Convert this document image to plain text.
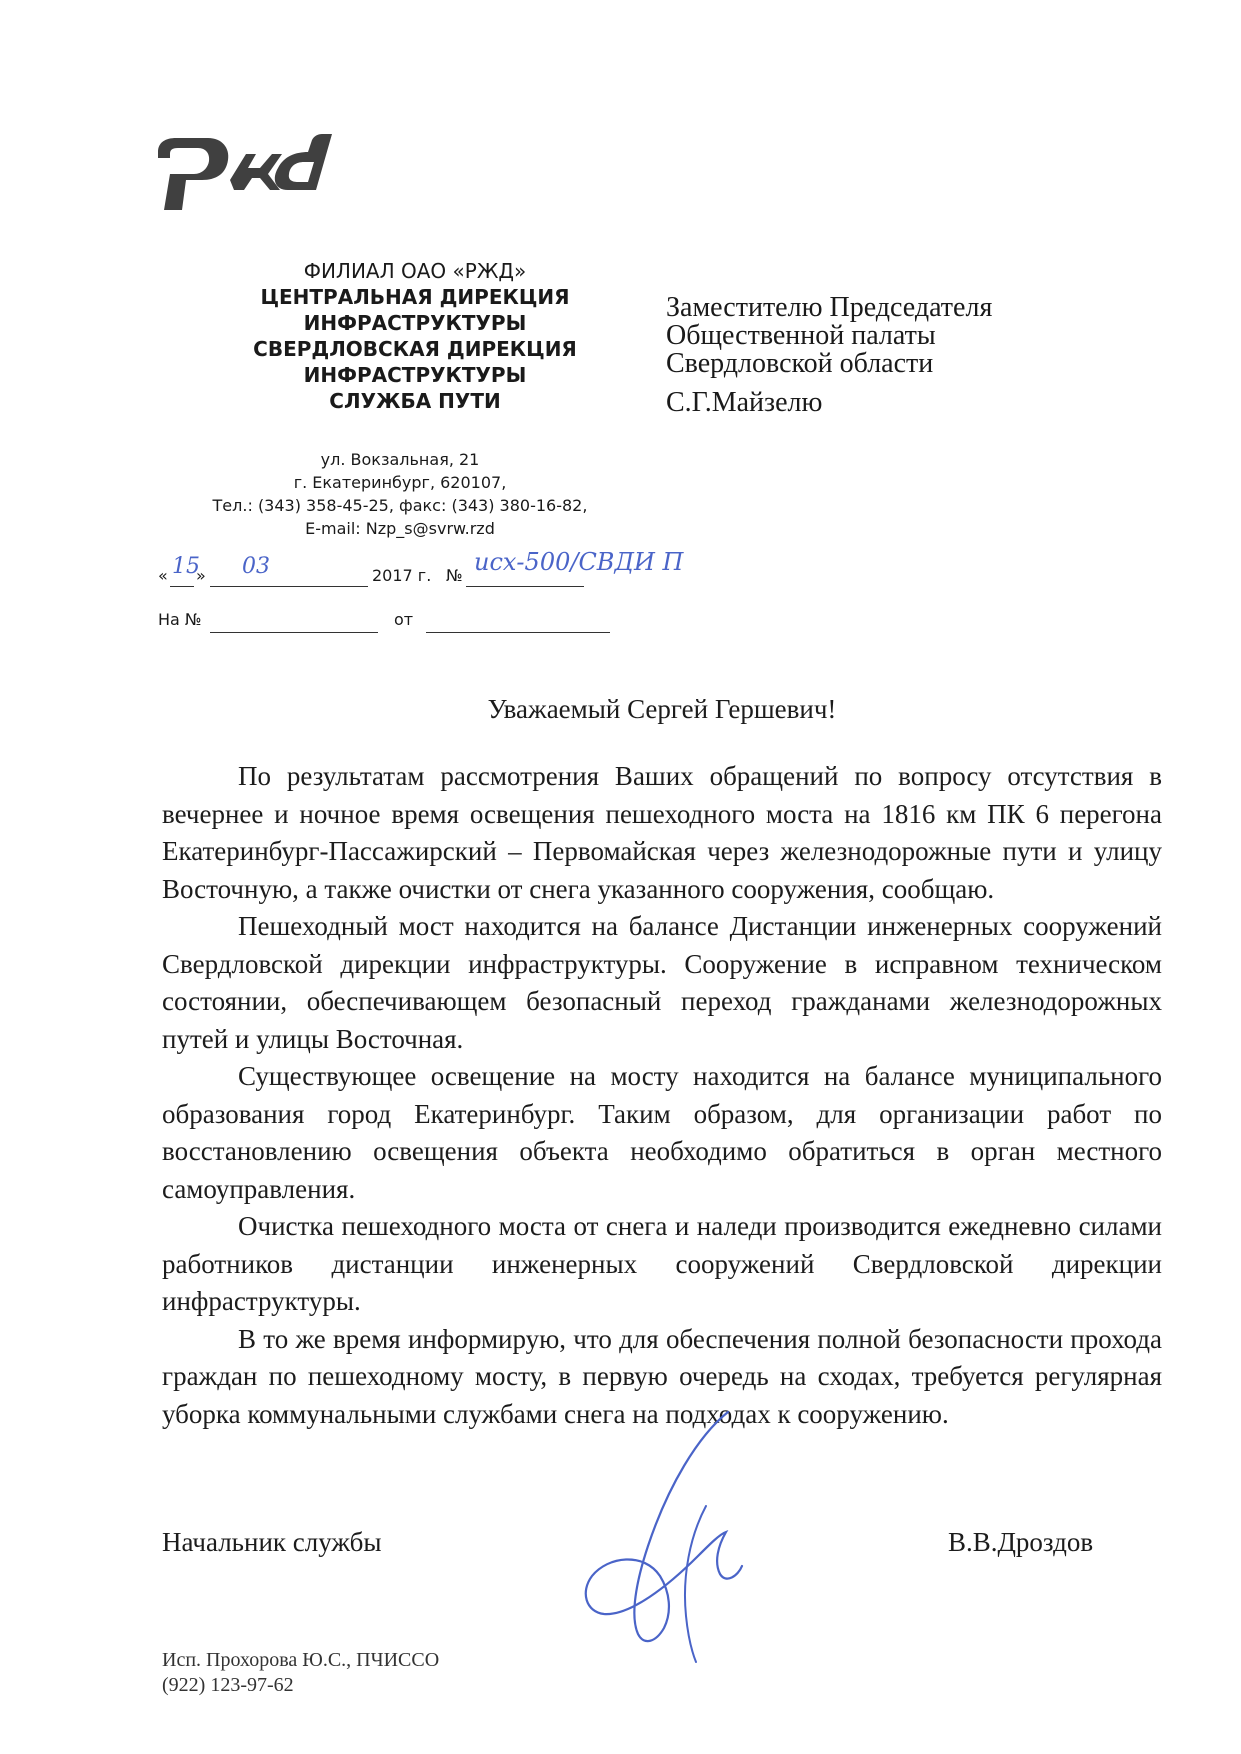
ФИЛИАЛ ОАО «РЖД»
ЦЕНТРАЛЬНАЯ ДИРЕКЦИЯ
ИНФРАСТРУКТУРЫ
СВЕРДЛОВСКАЯ ДИРЕКЦИЯ
ИНФРАСТРУКТУРЫ
СЛУЖБА ПУТИ
ул. Вокзальная, 21
г. Екатеринбург, 620107,
Тел.: (343) 358-45-25, факс: (343) 380-16-82,
E-mail: Nzp_s@svrw.rzd
Заместителю Председателя
Общественной палаты
Свердловской области
С.Г.Майзелю
« 15
» 03	2017 г. № исх-500/СВДИ П
На №	от

Уважаемый Сергей Гершевич!

По результатам рассмотрения Ваших обращений по вопросу отсутствия в вечернее и ночное время освещения пешеходного моста на 1816 км ПК 6 перегона Екатеринбург-Пассажирский – Первомайская через железнодорожные пути и улицу Восточную, а также очистки от снега указанного сооружения, сообщаю.

Пешеходный мост находится на балансе Дистанции инженерных сооружений Свердловской дирекции инфраструктуры. Сооружение в исправном техническом состоянии, обеспечивающем безопасный переход гражданами железнодорожных путей и улицы Восточная.

Существующее освещение на мосту находится на балансе муниципального образования город Екатеринбург. Таким образом, для организации работ по восстановлению освещения объекта необходимо обратиться в орган местного самоуправления.

Очистка пешеходного моста от снега и наледи производится ежедневно силами работников дистанции инженерных сооружений Свердловской дирекции инфраструктуры.

В то же время информирую, что для обеспечения полной безопасности прохода граждан по пешеходному мосту, в первую очередь на сходах, требуется регулярная уборка коммунальными службами снега на подходах к сооружению.

Начальник службы	В.В.Дроздов
Исп. Прохорова Ю.С., ПЧИССО
(922) 123-97-62
